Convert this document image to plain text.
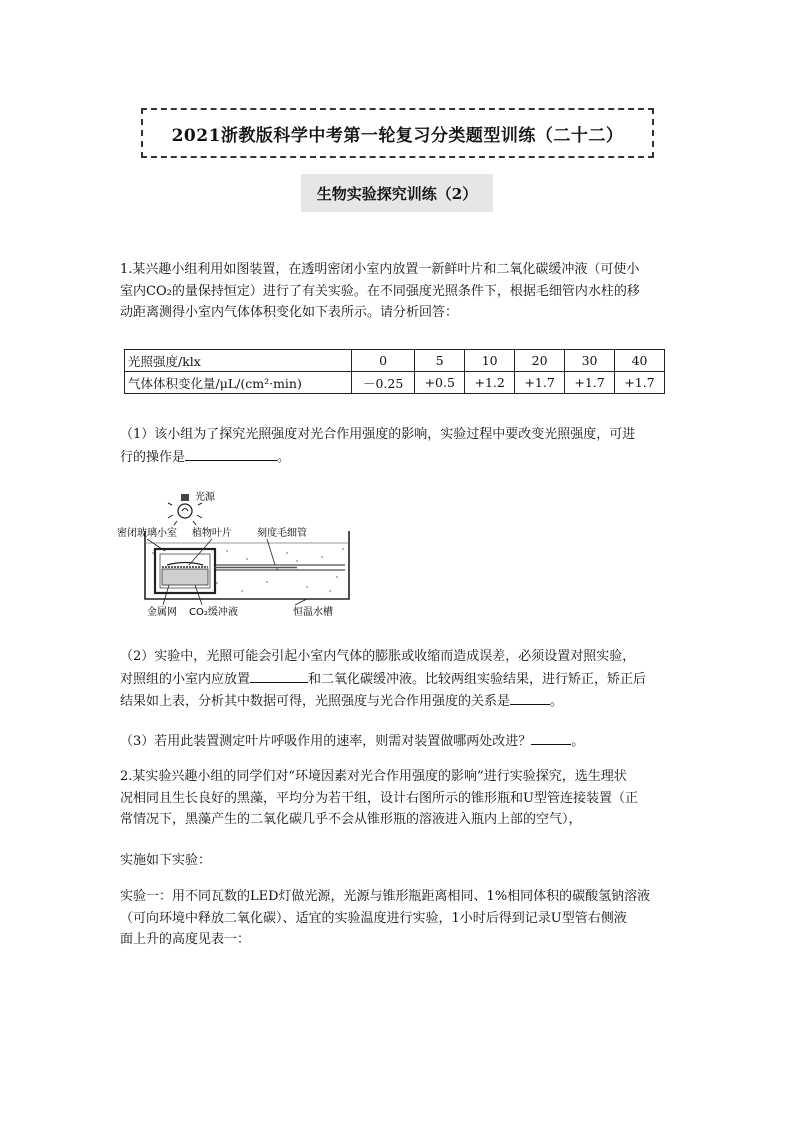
2021浙教版科学中考第一轮复习分类题型训练（二十二）
生物实验探究训练（2）
1.某兴趣小组利用如图装置，在透明密闭小室内放置一新鲜叶片和二氧化碳缓冲液（可使小
室内CO₂的量保持恒定）进行了有关实验。在不同强度光照条件下，根据毛细管内水柱的移
动距离测得小室内气体体积变化如下表所示。请分析回答：
光照强度/klx	0	5	10	20	30	40
气体体积变化量/μL/(cm²·min)	－0.25	+0.5	+1.2	+1.7	+1.7	+1.7
（1）该小组为了探究光照强度对光合作用强度的影响，实验过程中要改变光照强度，可进
行的操作是	。
光源
密闭玻璃小室 植物叶片	刻度毛细管
金属网 CO₂缓冲液	恒温水槽
（2）实验中，光照可能会引起小室内气体的膨胀或收缩而造成误差，必须设置对照实验，
对照组的小室内应放置	和二氧化碳缓冲液。比较两组实验结果，进行矫正，矫正后
结果如上表，分析其中数据可得，光照强度与光合作用强度的关系是	。
（3）若用此装置测定叶片呼吸作用的速率，则需对装置做哪两处改进？	。
2.某实验兴趣小组的同学们对“环境因素对光合作用强度的影响”进行实验探究，选生理状
况相同且生长良好的黑藻，平均分为若干组，设计右图所示的锥形瓶和U型管连接装置（正
常情况下，黑藻产生的二氧化碳几乎不会从锥形瓶的溶液进入瓶内上部的空气），
实施如下实验：
实验一：用不同瓦数的LED灯做光源，光源与锥形瓶距离相同、1%相同体积的碳酸氢钠溶液
（可向环境中释放二氧化碳）、适宜的实验温度进行实验，1小时后得到记录U型管右侧液
面上升的高度见表一：
